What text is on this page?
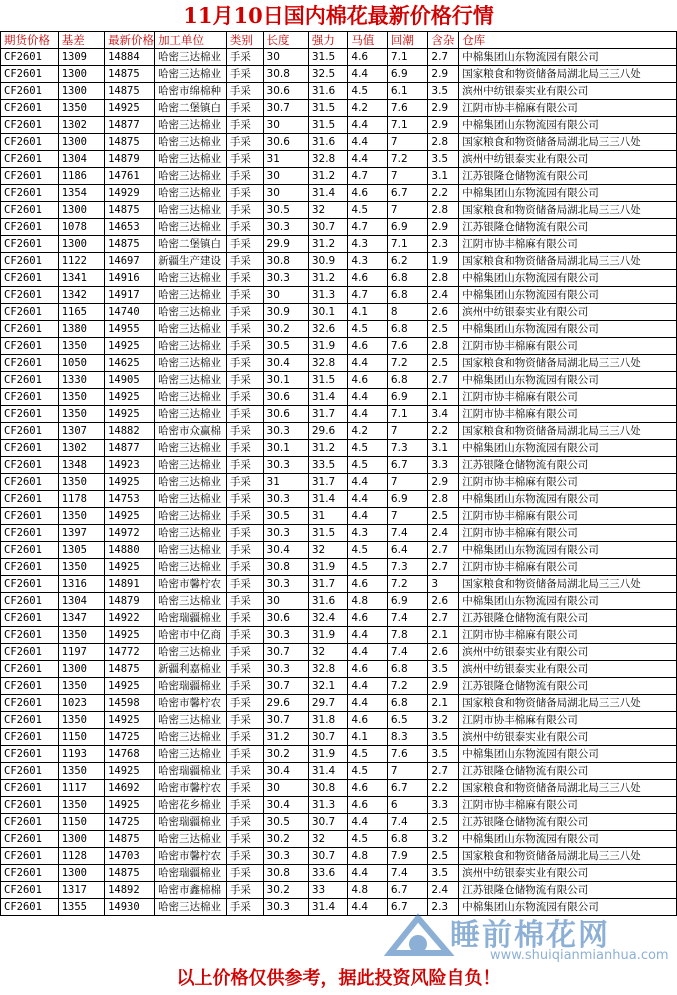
11月10日国内棉花最新价格行情
期货价格	基差	最新价格	加工单位	类别	长度	强力	马值	回潮	含杂	仓库
CF2601	1309	14884	哈密三达棉业	手采	30	31.5	4.6	7.1	2.7	中棉集团山东物流园有限公司
CF2601	1300	14875	哈密三达棉业	手采	30.8	32.5	4.4	6.9	2.9	国家粮食和物资储备局湖北局三三八处
CF2601	1300	14875	哈密市绵棉种	手采	30.6	31.6	4.5	6.1	3.5	滨州中纺银泰实业有限公司
CF2601	1350	14925	哈密二堡镇白	手采	30.7	31.5	4.2	7.6	2.9	江阴市协丰棉麻有限公司
CF2601	1302	14877	哈密三达棉业	手采	30	31.5	4.4	7.1	2.9	中棉集团山东物流园有限公司
CF2601	1300	14875	哈密三达棉业	手采	30.6	31.6	4.4	7	2.8	国家粮食和物资储备局湖北局三三八处
CF2601	1304	14879	哈密三达棉业	手采	31	32.8	4.4	7.2	3.5	滨州中纺银泰实业有限公司
CF2601	1186	14761	哈密三达棉业	手采	30	31.2	4.7	7	3.1	江苏银隆仓储物流有限公司
CF2601	1354	14929	哈密三达棉业	手采	30	31.4	4.6	6.7	2.2	中棉集团山东物流园有限公司
CF2601	1300	14875	哈密三达棉业	手采	30.5	32	4.5	7	2.8	国家粮食和物资储备局湖北局三三八处
CF2601	1078	14653	哈密三达棉业	手采	30.3	30.7	4.7	6.9	2.9	江苏银隆仓储物流有限公司
CF2601	1300	14875	哈密二堡镇白	手采	29.9	31.2	4.3	7.1	2.3	江阴市协丰棉麻有限公司
CF2601	1122	14697	新疆生产建设	手采	30.8	30.9	4.3	6.2	1.9	国家粮食和物资储备局湖北局三三八处
CF2601	1341	14916	哈密三达棉业	手采	30.3	31.2	4.6	6.8	2.8	中棉集团山东物流园有限公司
CF2601	1342	14917	哈密三达棉业	手采	30	31.3	4.7	6.8	2.4	中棉集团山东物流园有限公司
CF2601	1165	14740	哈密三达棉业	手采	30.9	30.1	4.1	8	2.6	滨州中纺银泰实业有限公司
CF2601	1380	14955	哈密三达棉业	手采	30.2	32.6	4.5	6.8	2.5	中棉集团山东物流园有限公司
CF2601	1350	14925	哈密三达棉业	手采	30.5	31.9	4.6	7.6	2.8	江阴市协丰棉麻有限公司
CF2601	1050	14625	哈密三达棉业	手采	30.4	32.8	4.4	7.2	2.5	国家粮食和物资储备局湖北局三三八处
CF2601	1330	14905	哈密三达棉业	手采	30.1	31.5	4.6	6.8	2.7	中棉集团山东物流园有限公司
CF2601	1350	14925	哈密三达棉业	手采	30.6	31.4	4.4	6.9	2.1	江阴市协丰棉麻有限公司
CF2601	1350	14925	哈密三达棉业	手采	30.6	31.7	4.4	7.1	3.4	江阴市协丰棉麻有限公司
CF2601	1307	14882	哈密市众赢棉	手采	30.3	29.6	4.2	7	2.2	国家粮食和物资储备局湖北局三三八处
CF2601	1302	14877	哈密三达棉业	手采	30.1	31.2	4.5	7.3	3.1	中棉集团山东物流园有限公司
CF2601	1348	14923	哈密三达棉业	手采	30.3	33.5	4.5	6.7	3.3	江苏银隆仓储物流有限公司
CF2601	1350	14925	哈密三达棉业	手采	31	31.7	4.4	7	2.9	江阴市协丰棉麻有限公司
CF2601	1178	14753	哈密三达棉业	手采	30.3	31.4	4.4	6.9	2.8	中棉集团山东物流园有限公司
CF2601	1350	14925	哈密三达棉业	手采	30.5	31	4.4	7	2.5	江阴市协丰棉麻有限公司
CF2601	1397	14972	哈密三达棉业	手采	30.3	31.5	4.3	7.4	2.4	江阴市协丰棉麻有限公司
CF2601	1305	14880	哈密三达棉业	手采	30.4	32	4.5	6.4	2.7	中棉集团山东物流园有限公司
CF2601	1350	14925	哈密三达棉业	手采	30.8	31.9	4.5	7.3	2.7	江阴市协丰棉麻有限公司
CF2601	1316	14891	哈密市馨柠农	手采	30.3	31.7	4.6	7.2	3	国家粮食和物资储备局湖北局三三八处
CF2601	1304	14879	哈密三达棉业	手采	30	31.6	4.8	6.9	2.6	中棉集团山东物流园有限公司
CF2601	1347	14922	哈密瑞疆棉业	手采	30.6	32.4	4.6	7.4	2.7	江苏银隆仓储物流有限公司
CF2601	1350	14925	哈密市中亿商	手采	30.3	31.9	4.4	7.8	2.1	江阴市协丰棉麻有限公司
CF2601	1197	14772	哈密三达棉业	手采	30.7	32	4.4	7.4	2.6	滨州中纺银泰实业有限公司
CF2601	1300	14875	新疆利嘉棉业	手采	30.3	32.8	4.6	6.8	3.5	滨州中纺银泰实业有限公司
CF2601	1350	14925	哈密瑞疆棉业	手采	30.7	32.1	4.4	7.2	2.9	江苏银隆仓储物流有限公司
CF2601	1023	14598	哈密市馨柠农	手采	29.6	29.7	4.4	6.8	2.1	国家粮食和物资储备局湖北局三三八处
CF2601	1350	14925	哈密三达棉业	手采	30.7	31.8	4.6	6.5	3.2	江阴市协丰棉麻有限公司
CF2601	1150	14725	哈密三达棉业	手采	31.2	30.7	4.1	8.3	3.5	滨州中纺银泰实业有限公司
CF2601	1193	14768	哈密三达棉业	手采	30.2	31.9	4.5	7.6	3.5	中棉集团山东物流园有限公司
CF2601	1350	14925	哈密瑞疆棉业	手采	30.4	31.4	4.5	7	2.7	江苏银隆仓储物流有限公司
CF2601	1117	14692	哈密市馨柠农	手采	30	30.8	4.6	6.7	2.2	国家粮食和物资储备局湖北局三三八处
CF2601	1350	14925	哈密花乡棉业	手采	30.4	31.3	4.6	6	3.3	江阴市协丰棉麻有限公司
CF2601	1150	14725	哈密瑞疆棉业	手采	30.5	30.7	4.4	7.4	2.5	江苏银隆仓储物流有限公司
CF2601	1300	14875	哈密三达棉业	手采	30.2	32	4.5	6.8	3.2	中棉集团山东物流园有限公司
CF2601	1128	14703	哈密市馨柠农	手采	30.3	30.7	4.8	7.9	2.5	国家粮食和物资储备局湖北局三三八处
CF2601	1300	14875	哈密瑞疆棉业	手采	30.8	33.6	4.4	7.4	3.5	滨州中纺银泰实业有限公司
CF2601	1317	14892	哈密市鑫棉棉	手采	30.2	33	4.8	6.7	2.4	江苏银隆仓储物流有限公司
CF2601	1355	14930	哈密三达棉业	手采	30.3	31.4	4.4	6.7	2.3	中棉集团山东物流园有限公司
睡前棉花网
www.shuiqianmianhua.com
以上价格仅供参考，据此投资风险自负！
